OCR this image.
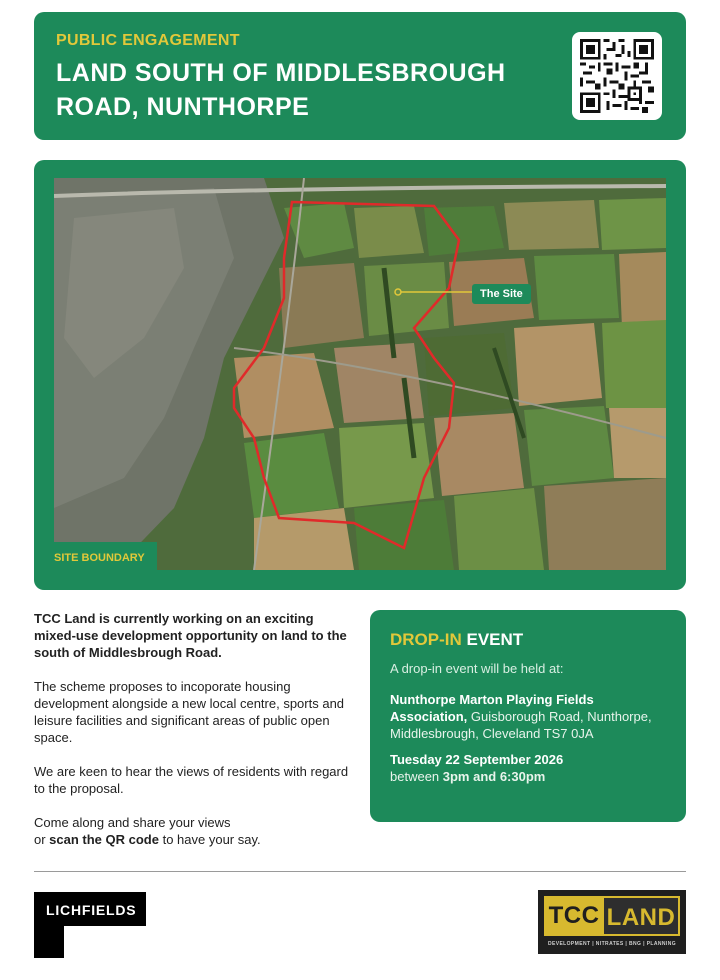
PUBLIC ENGAGEMENT
LAND SOUTH OF MIDDLESBROUGH ROAD, NUNTHORPE
The Site
SITE BOUNDARY

TCC Land is currently working on an exciting mixed-use development opportunity on land to the south of Middlesbrough Road.

The scheme proposes to incoporate housing development alongside a new local centre, sports and leisure facilities and significant areas of public open space.

We are keen to hear the views of residents with regard to the proposal.

Come along and share your views
or scan the QR code to have your say.

DROP-IN EVENT

A drop-in event will be held at:

Nunthorpe Marton Playing Fields Association, Guisborough Road, Nunthorpe, Middlesbrough, Cleveland TS7 0JA

Tuesday 22 September 2026

between 3pm and 6:30pm

LICHFIELDS	TCC LAND
DEVELOPMENT | NITRATES | BNG | PLANNING
